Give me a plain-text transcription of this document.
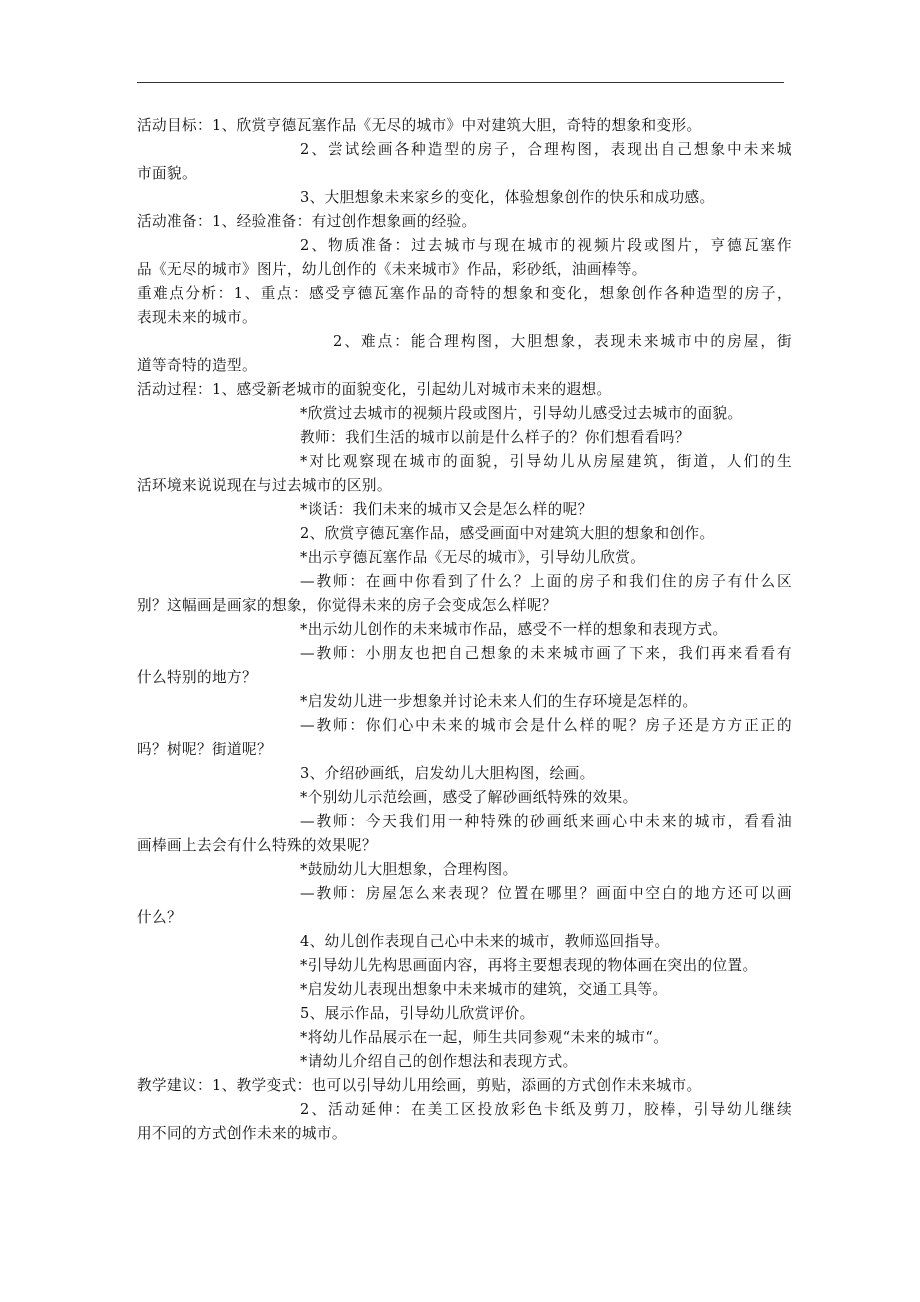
活动目标：1、欣赏亨德瓦塞作品《无尽的城市》中对建筑大胆，奇特的想象和变形。
2、尝试绘画各种造型的房子，合理构图，表现出自己想象中未来城
市面貌。
3、大胆想象未来家乡的变化，体验想象创作的快乐和成功感。
活动准备：1、经验准备：有过创作想象画的经验。
2、物质准备：过去城市与现在城市的视频片段或图片，亨德瓦塞作
品《无尽的城市》图片，幼儿创作的《未来城市》作品，彩砂纸，油画棒等。
重难点分析：1、重点：感受亨德瓦塞作品的奇特的想象和变化，想象创作各种造型的房子，
表现未来的城市。
2、难点：能合理构图，大胆想象，表现未来城市中的房屋，街
道等奇特的造型。
活动过程：1、感受新老城市的面貌变化，引起幼儿对城市未来的遐想。
*欣赏过去城市的视频片段或图片，引导幼儿感受过去城市的面貌。
教师：我们生活的城市以前是什么样子的？你们想看看吗？
*对比观察现在城市的面貌，引导幼儿从房屋建筑，街道，人们的生
活环境来说说现在与过去城市的区别。
*谈话：我们未来的城市又会是怎么样的呢？
2、欣赏亨德瓦塞作品，感受画面中对建筑大胆的想象和创作。
*出示亨德瓦塞作品《无尽的城市》，引导幼儿欣赏。
—教师：在画中你看到了什么？上面的房子和我们住的房子有什么区
别？这幅画是画家的想象，你觉得未来的房子会变成怎么样呢？
*出示幼儿创作的未来城市作品，感受不一样的想象和表现方式。
—教师：小朋友也把自己想象的未来城市画了下来，我们再来看看有
什么特别的地方？
*启发幼儿进一步想象并讨论未来人们的生存环境是怎样的。
—教师：你们心中未来的城市会是什么样的呢？房子还是方方正正的
吗？树呢？街道呢？
3、介绍砂画纸，启发幼儿大胆构图，绘画。
*个别幼儿示范绘画，感受了解砂画纸特殊的效果。
—教师：今天我们用一种特殊的砂画纸来画心中未来的城市，看看油
画棒画上去会有什么特殊的效果呢？
*鼓励幼儿大胆想象，合理构图。
—教师：房屋怎么来表现？位置在哪里？画面中空白的地方还可以画
什么？
4、幼儿创作表现自己心中未来的城市，教师巡回指导。
*引导幼儿先构思画面内容，再将主要想表现的物体画在突出的位置。
*启发幼儿表现出想象中未来城市的建筑，交通工具等。
5、展示作品，引导幼儿欣赏评价。
*将幼儿作品展示在一起，师生共同参观“未来的城市“。
*请幼儿介绍自己的创作想法和表现方式。
教学建议：1、教学变式：也可以引导幼儿用绘画，剪贴，添画的方式创作未来城市。
2、活动延伸：在美工区投放彩色卡纸及剪刀，胶棒，引导幼儿继续
用不同的方式创作未来的城市。
